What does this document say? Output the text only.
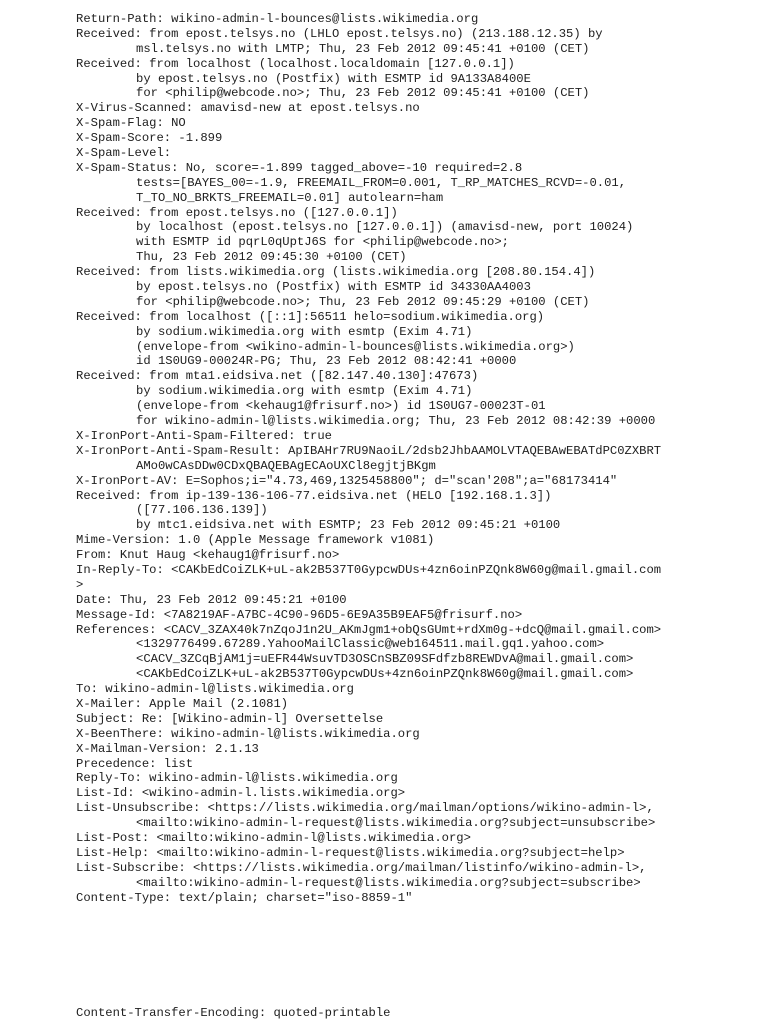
Return-Path: wikino-admin-l-bounces@lists.wikimedia.org
Received: from epost.telsys.no (LHLO epost.telsys.no) (213.188.12.35) by
msl.telsys.no with LMTP; Thu, 23 Feb 2012 09:45:41 +0100 (CET)
Received: from localhost (localhost.localdomain [127.0.0.1])
by epost.telsys.no (Postfix) with ESMTP id 9A133A8400E
for <philip@webcode.no>; Thu, 23 Feb 2012 09:45:41 +0100 (CET)
X-Virus-Scanned: amavisd-new at epost.telsys.no
X-Spam-Flag: NO
X-Spam-Score: -1.899
X-Spam-Level:
X-Spam-Status: No, score=-1.899 tagged_above=-10 required=2.8
tests=[BAYES_00=-1.9, FREEMAIL_FROM=0.001, T_RP_MATCHES_RCVD=-0.01,
T_TO_NO_BRKTS_FREEMAIL=0.01] autolearn=ham
Received: from epost.telsys.no ([127.0.0.1])
by localhost (epost.telsys.no [127.0.0.1]) (amavisd-new, port 10024)
with ESMTP id pqrL0qUptJ6S for <philip@webcode.no>;
Thu, 23 Feb 2012 09:45:30 +0100 (CET)
Received: from lists.wikimedia.org (lists.wikimedia.org [208.80.154.4])
by epost.telsys.no (Postfix) with ESMTP id 34330AA4003
for <philip@webcode.no>; Thu, 23 Feb 2012 09:45:29 +0100 (CET)
Received: from localhost ([::1]:56511 helo=sodium.wikimedia.org)
by sodium.wikimedia.org with esmtp (Exim 4.71)
(envelope-from <wikino-admin-l-bounces@lists.wikimedia.org>)
id 1S0UG9-00024R-PG; Thu, 23 Feb 2012 08:42:41 +0000
Received: from mta1.eidsiva.net ([82.147.40.130]:47673)
by sodium.wikimedia.org with esmtp (Exim 4.71)
(envelope-from <kehaug1@frisurf.no>) id 1S0UG7-00023T-01
for wikino-admin-l@lists.wikimedia.org; Thu, 23 Feb 2012 08:42:39 +0000
X-IronPort-Anti-Spam-Filtered: true
X-IronPort-Anti-Spam-Result: ApIBAHr7RU9NaoiL/2dsb2JhbAAMOLVTAQEBAwEBATdPC0ZXBRT
AMo0wCAsDDw0CDxQBAQEBAgECAoUXCl8egjtjBKgm
X-IronPort-AV: E=Sophos;i="4.73,469,1325458800"; d="scan'208";a="68173414"
Received: from ip-139-136-106-77.eidsiva.net (HELO [192.168.1.3])
([77.106.136.139])
by mtc1.eidsiva.net with ESMTP; 23 Feb 2012 09:45:21 +0100
Mime-Version: 1.0 (Apple Message framework v1081)
From: Knut Haug <kehaug1@frisurf.no>
In-Reply-To: <CAKbEdCoiZLK+uL-ak2B537T0GypcwDUs+4zn6oinPZQnk8W60g@mail.gmail.com
>
Date: Thu, 23 Feb 2012 09:45:21 +0100
Message-Id: <7A8219AF-A7BC-4C90-96D5-6E9A35B9EAF5@frisurf.no>
References: <CACV_3ZAX40k7nZqoJ1n2U_AKmJgm1+obQsGUmt+rdXm0g-+dcQ@mail.gmail.com>
<1329776499.67289.YahooMailClassic@web164511.mail.gq1.yahoo.com>
<CACV_3ZCqBjAM1j=uEFR44WsuvTD3OSCnSBZ09SFdfzb8REWDvA@mail.gmail.com>
<CAKbEdCoiZLK+uL-ak2B537T0GypcwDUs+4zn6oinPZQnk8W60g@mail.gmail.com>
To: wikino-admin-l@lists.wikimedia.org
X-Mailer: Apple Mail (2.1081)
Subject: Re: [Wikino-admin-l] Oversettelse
X-BeenThere: wikino-admin-l@lists.wikimedia.org
X-Mailman-Version: 2.1.13
Precedence: list
Reply-To: wikino-admin-l@lists.wikimedia.org
List-Id: <wikino-admin-l.lists.wikimedia.org>
List-Unsubscribe: <https://lists.wikimedia.org/mailman/options/wikino-admin-l>,
<mailto:wikino-admin-l-request@lists.wikimedia.org?subject=unsubscribe>
List-Post: <mailto:wikino-admin-l@lists.wikimedia.org>
List-Help: <mailto:wikino-admin-l-request@lists.wikimedia.org?subject=help>
List-Subscribe: <https://lists.wikimedia.org/mailman/listinfo/wikino-admin-l>,
<mailto:wikino-admin-l-request@lists.wikimedia.org?subject=subscribe>
Content-Type: text/plain; charset="iso-8859-1"
Content-Transfer-Encoding: quoted-printable
